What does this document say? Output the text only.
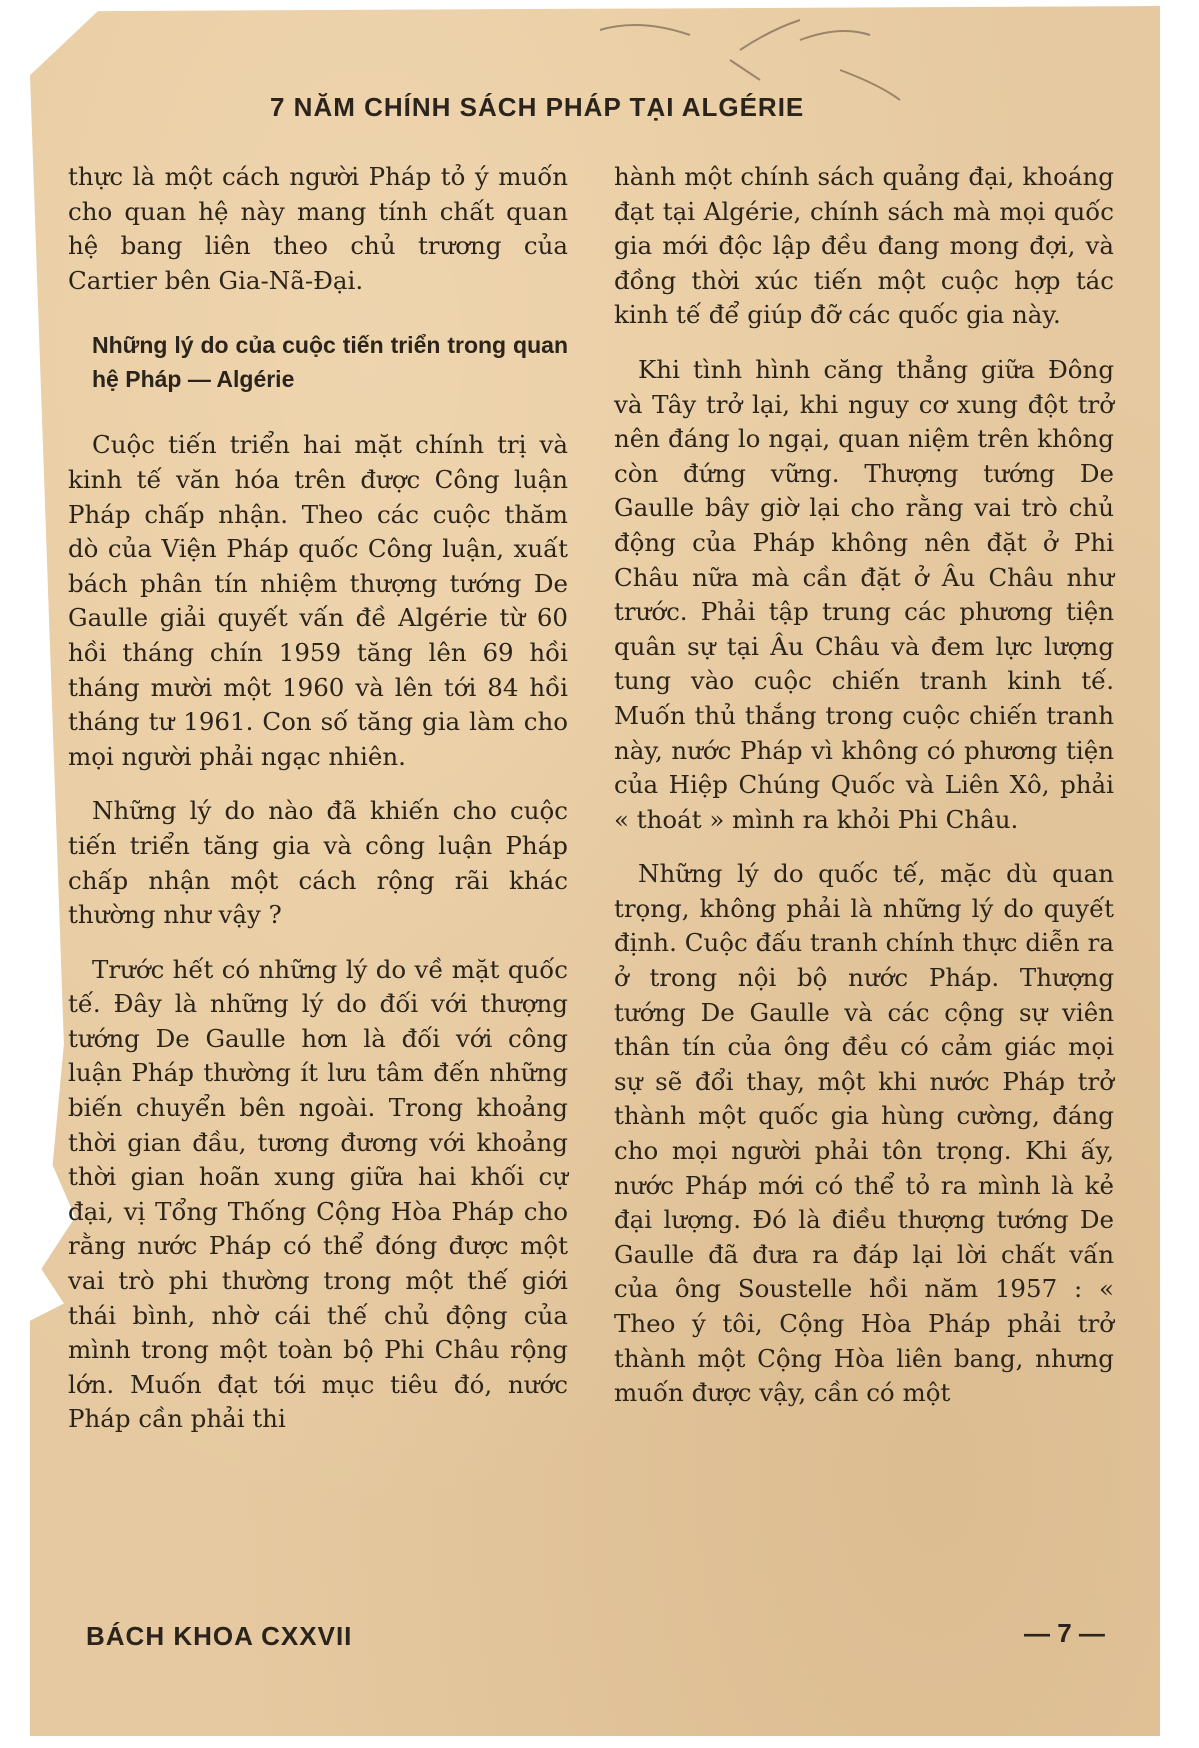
7 NĂM CHÍNH SÁCH PHÁP TẠI ALGÉRIE

thực là một cách người Pháp tỏ ý muốn cho quan hệ này mang tính chất quan hệ bang liên theo chủ trương của Cartier bên Gia-Nã-Đại.

Những lý do của cuộc tiến triển trong quan hệ Pháp — Algérie

Cuộc tiến triển hai mặt chính trị và kinh tế văn hóa trên được Công luận Pháp chấp nhận. Theo các cuộc thăm dò của Viện Pháp quốc Công luận, xuất bách phân tín nhiệm thượng tướng De Gaulle giải quyết vấn đề Algérie từ 60 hồi tháng chín 1959 tăng lên 69 hồi tháng mười một 1960 và lên tới 84 hồi tháng tư 1961. Con số tăng gia làm cho mọi người phải ngạc nhiên.

Những lý do nào đã khiến cho cuộc tiến triển tăng gia và công luận Pháp chấp nhận một cách rộng rãi khác thường như vậy ?

Trước hết có những lý do về mặt quốc tế. Đây là những lý do đối với thượng tướng De Gaulle hơn là đối với công luận Pháp thường ít lưu tâm đến những biến chuyển bên ngoài. Trong khoảng thời gian đầu, tương đương với khoảng thời gian hoãn xung giữa hai khối cự đại, vị Tổng Thống Cộng Hòa Pháp cho rằng nước Pháp có thể đóng được một vai trò phi thường trong một thế giới thái bình, nhờ cái thế chủ động của mình trong một toàn bộ Phi Châu rộng lớn. Muốn đạt tới mục tiêu đó, nước Pháp cần phải thi

hành một chính sách quảng đại, khoáng đạt tại Algérie, chính sách mà mọi quốc gia mới độc lập đều đang mong đợi, và đồng thời xúc tiến một cuộc hợp tác kinh tế để giúp đỡ các quốc gia này.

Khi tình hình căng thẳng giữa Đông và Tây trở lại, khi nguy cơ xung đột trở nên đáng lo ngại, quan niệm trên không còn đứng vững. Thượng tướng De Gaulle bây giờ lại cho rằng vai trò chủ động của Pháp không nên đặt ở Phi Châu nữa mà cần đặt ở Âu Châu như trước. Phải tập trung các phương tiện quân sự tại Âu Châu và đem lực lượng tung vào cuộc chiến tranh kinh tế. Muốn thủ thắng trong cuộc chiến tranh này, nước Pháp vì không có phương tiện của Hiệp Chúng Quốc và Liên Xô, phải « thoát » mình ra khỏi Phi Châu.

Những lý do quốc tế, mặc dù quan trọng, không phải là những lý do quyết định. Cuộc đấu tranh chính thực diễn ra ở trong nội bộ nước Pháp. Thượng tướng De Gaulle và các cộng sự viên thân tín của ông đều có cảm giác mọi sự sẽ đổi thay, một khi nước Pháp trở thành một quốc gia hùng cường, đáng cho mọi người phải tôn trọng. Khi ấy, nước Pháp mới có thể tỏ ra mình là kẻ đại lượng. Đó là điều thượng tướng De Gaulle đã đưa ra đáp lại lời chất vấn của ông Soustelle hồi năm 1957 : « Theo ý tôi, Cộng Hòa Pháp phải trở thành một Cộng Hòa liên bang, nhưng muốn được vậy, cần có một

BÁCH KHOA CXXVII	— 7 —
